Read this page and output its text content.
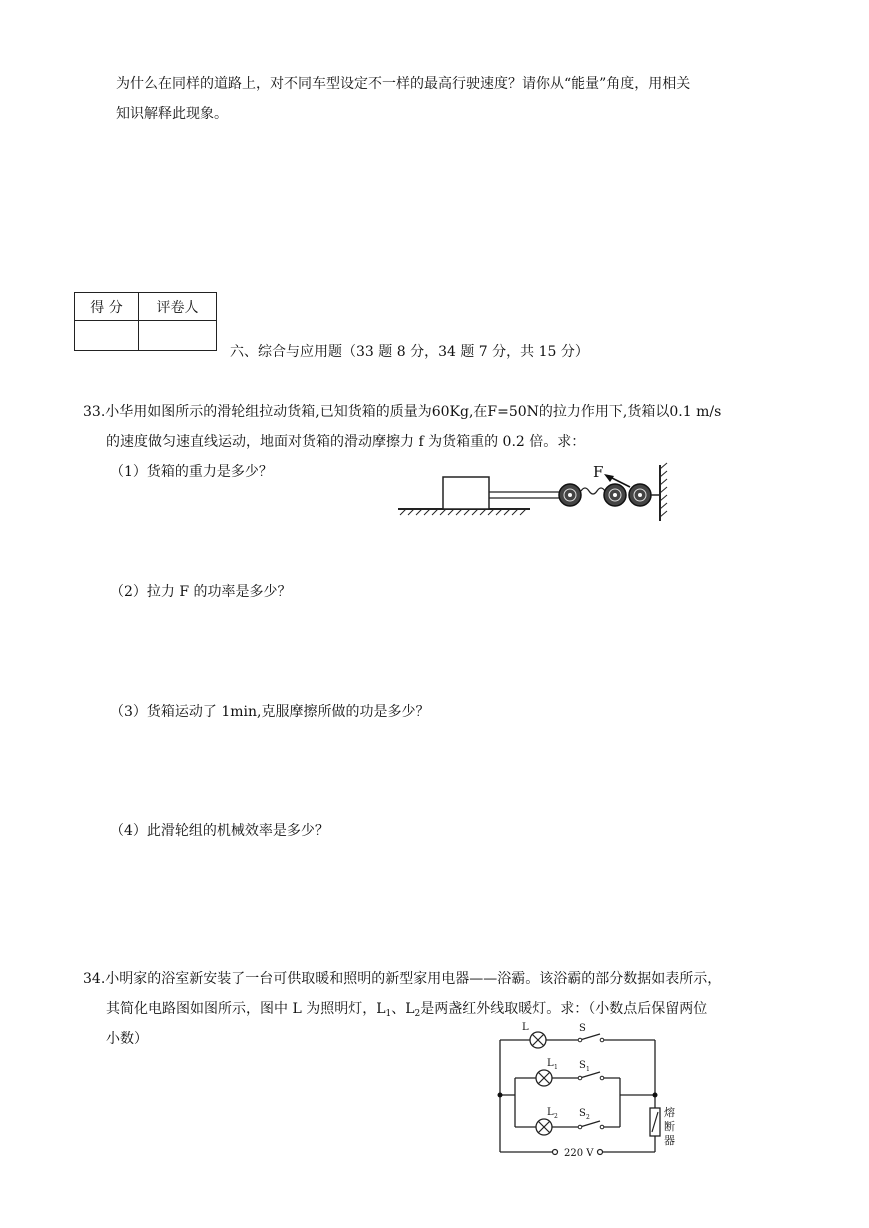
为什么在同样的道路上，对不同车型设定不一样的最高行驶速度？请你从“能量”角度，用相关
知识解释此现象。
得 分	评卷人

六、综合与应用题（33 题 8 分，34 题 7 分，共 15 分）
33.小华用如图所示的滑轮组拉动货箱,已知货箱的质量为60Kg,在F=50N的拉力作用下,货箱以0.1 m/s
的速度做匀速直线运动，地面对货箱的滑动摩擦力 f 为货箱重的 0.2 倍。求：
（1）货箱的重力是多少？	F
（2）拉力 F 的功率是多少？
（3）货箱运动了 1min,克服摩擦所做的功是多少？
（4）此滑轮组的机械效率是多少？
34.小明家的浴室新安装了一台可供取暖和照明的新型家用电器——浴霸。该浴霸的部分数据如表所示，
其简化电路图如图所示，图中 L 为照明灯，$L_1$、$L_2$是两盏红外线取暖灯。求：（小数点后保留两位
小数）
L	S
L 1 S 1
L 2 S 2	熔
断
器
220 V
